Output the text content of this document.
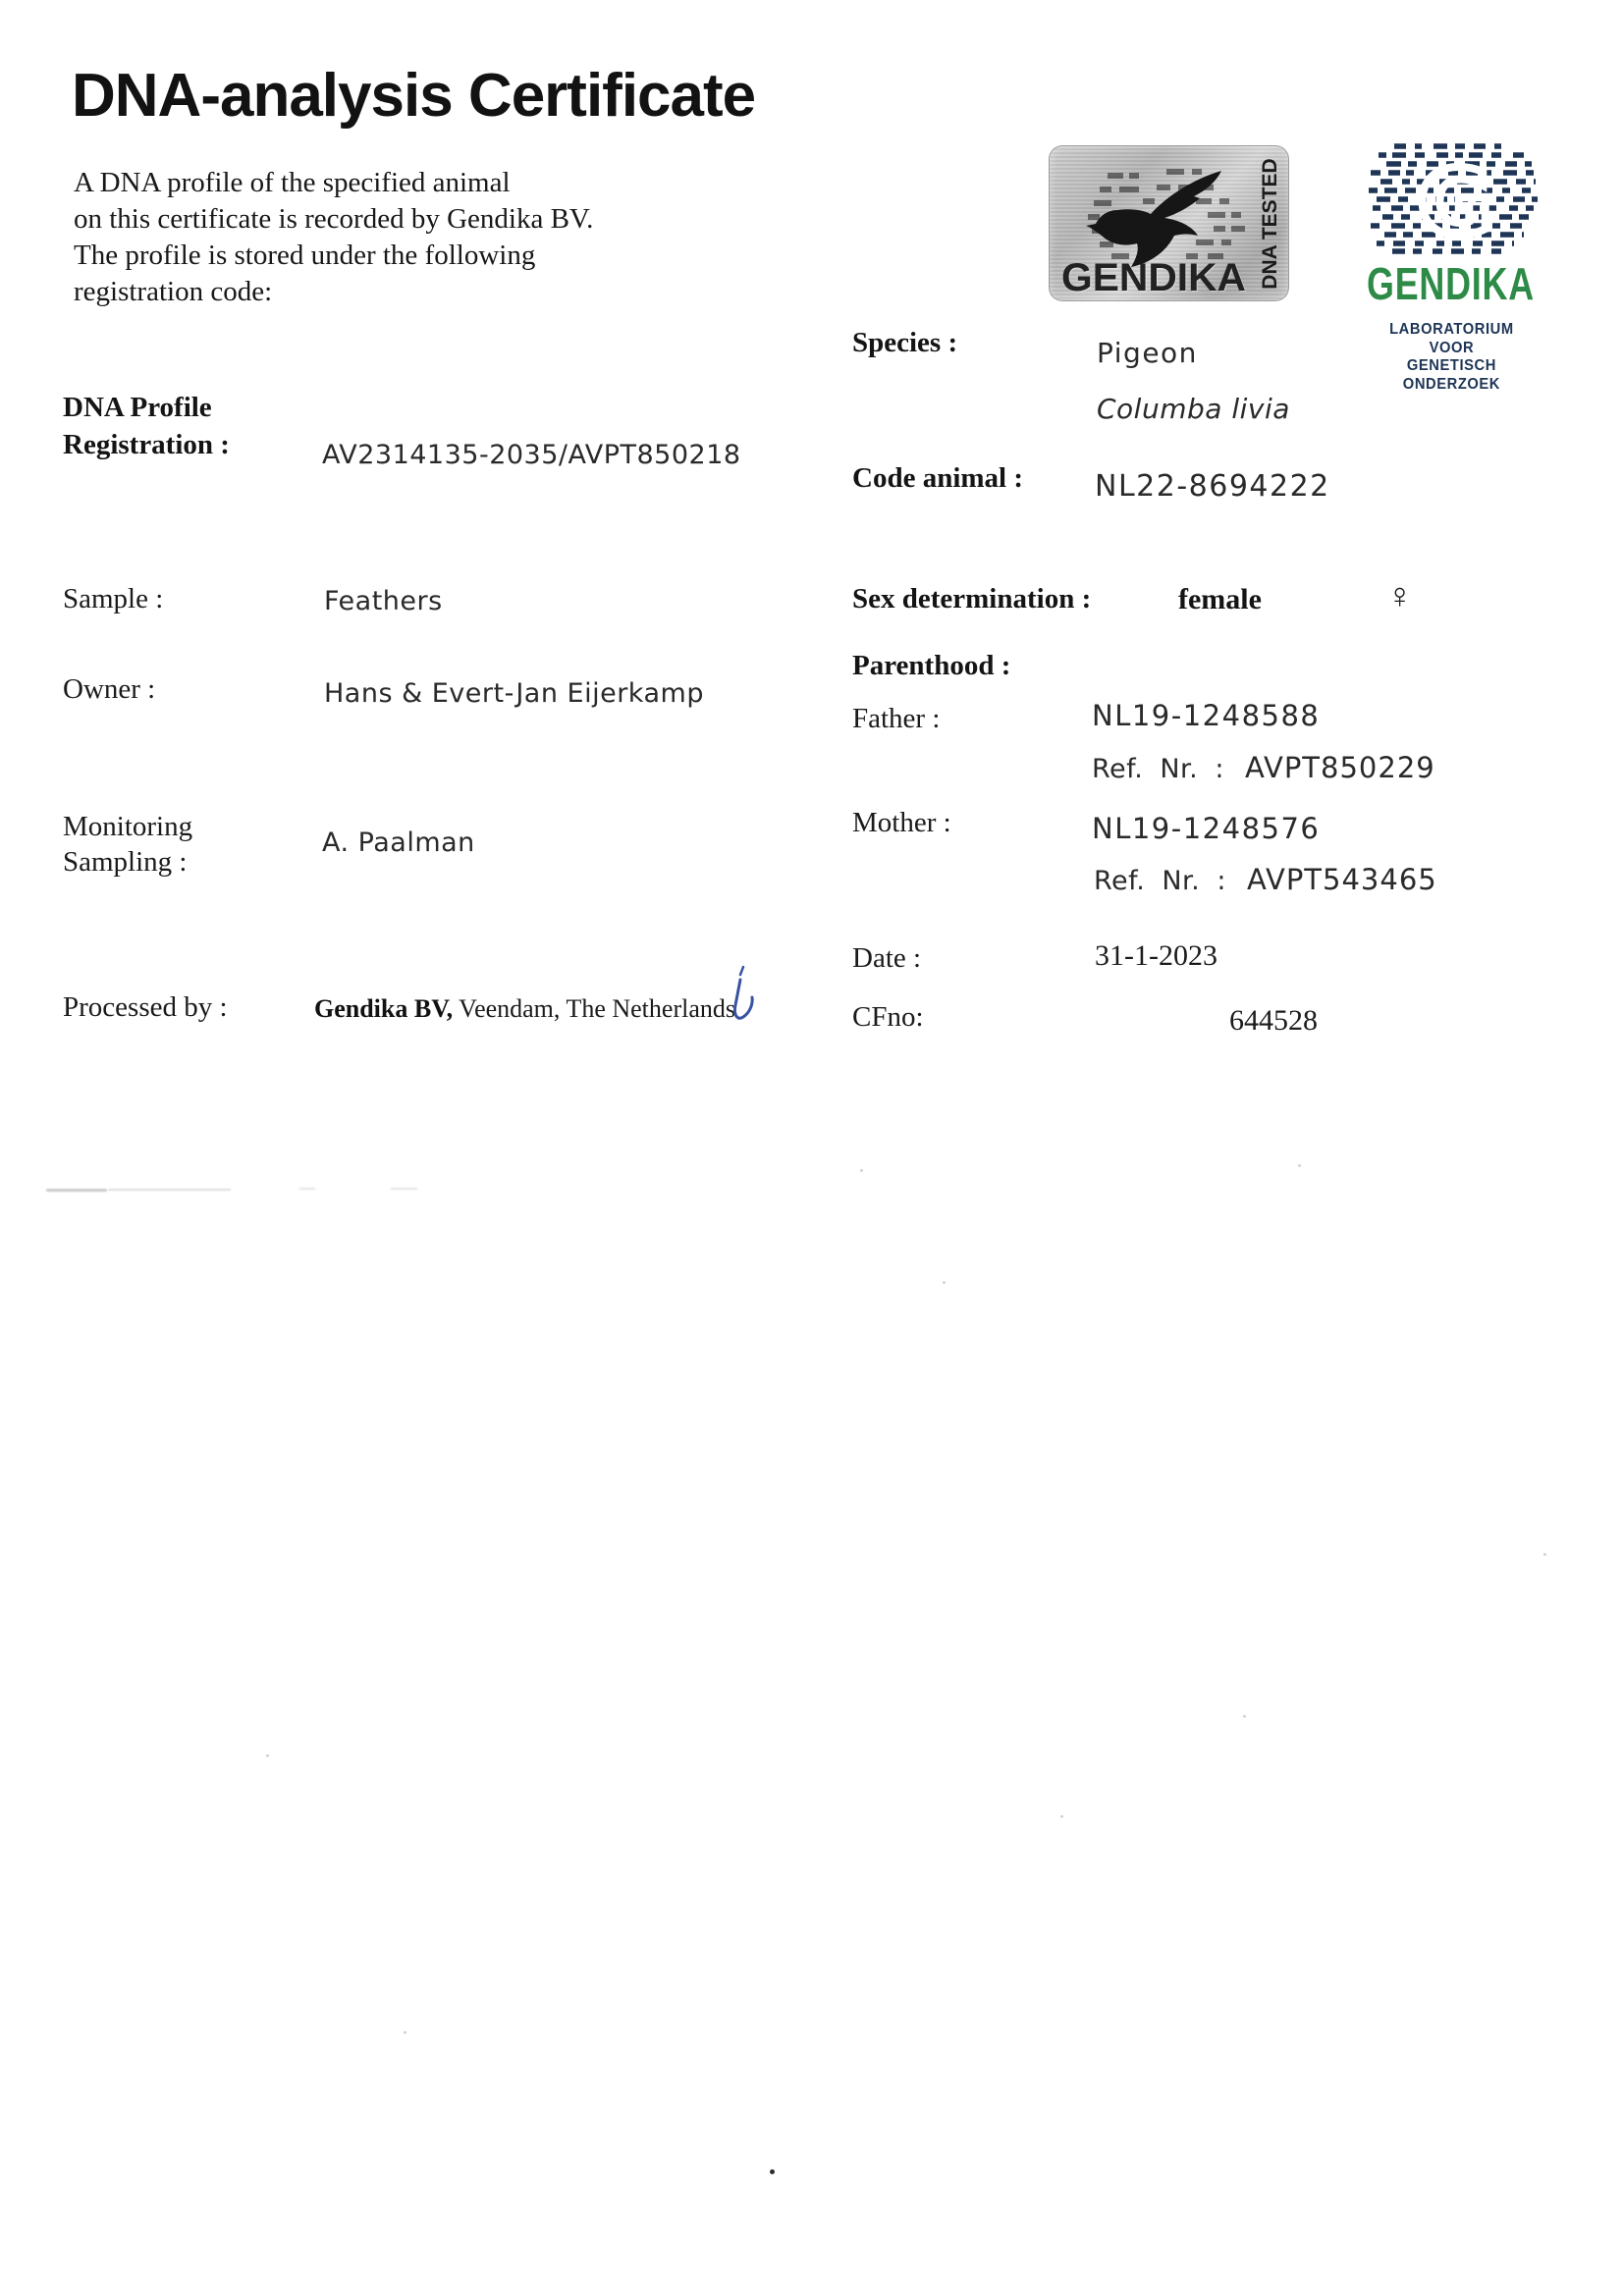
DNA-analysis Certificate
A DNA profile of the specified animal
on this certificate is recorded by Gendika BV.
The profile is stored under the following
registration code:	GENDIKA DNA TESTED G
GENDIKA
LABORATORIUM VOOR
GENETISCH ONDERZOEK
DNA Profile
Registration :	AV2314135-2035/AVPT850218
Sample :	Feathers
Owner :	Hans & Evert-Jan Eijerkamp
Monitoring
Sampling :
A. Paalman
Processed by :	Gendika BV, Veendam, The Netherlands
Species :	Pigeon
Columba livia
Code animal : NL22-8694222
Sex determination :	female	♀
Parenthood :
Father :	NL19-1248588
Ref. Nr. : AVPT850229
Mother :	NL19-1248576
Ref. Nr. : AVPT543465
Date :	31-1-2023
CFno:	644528
